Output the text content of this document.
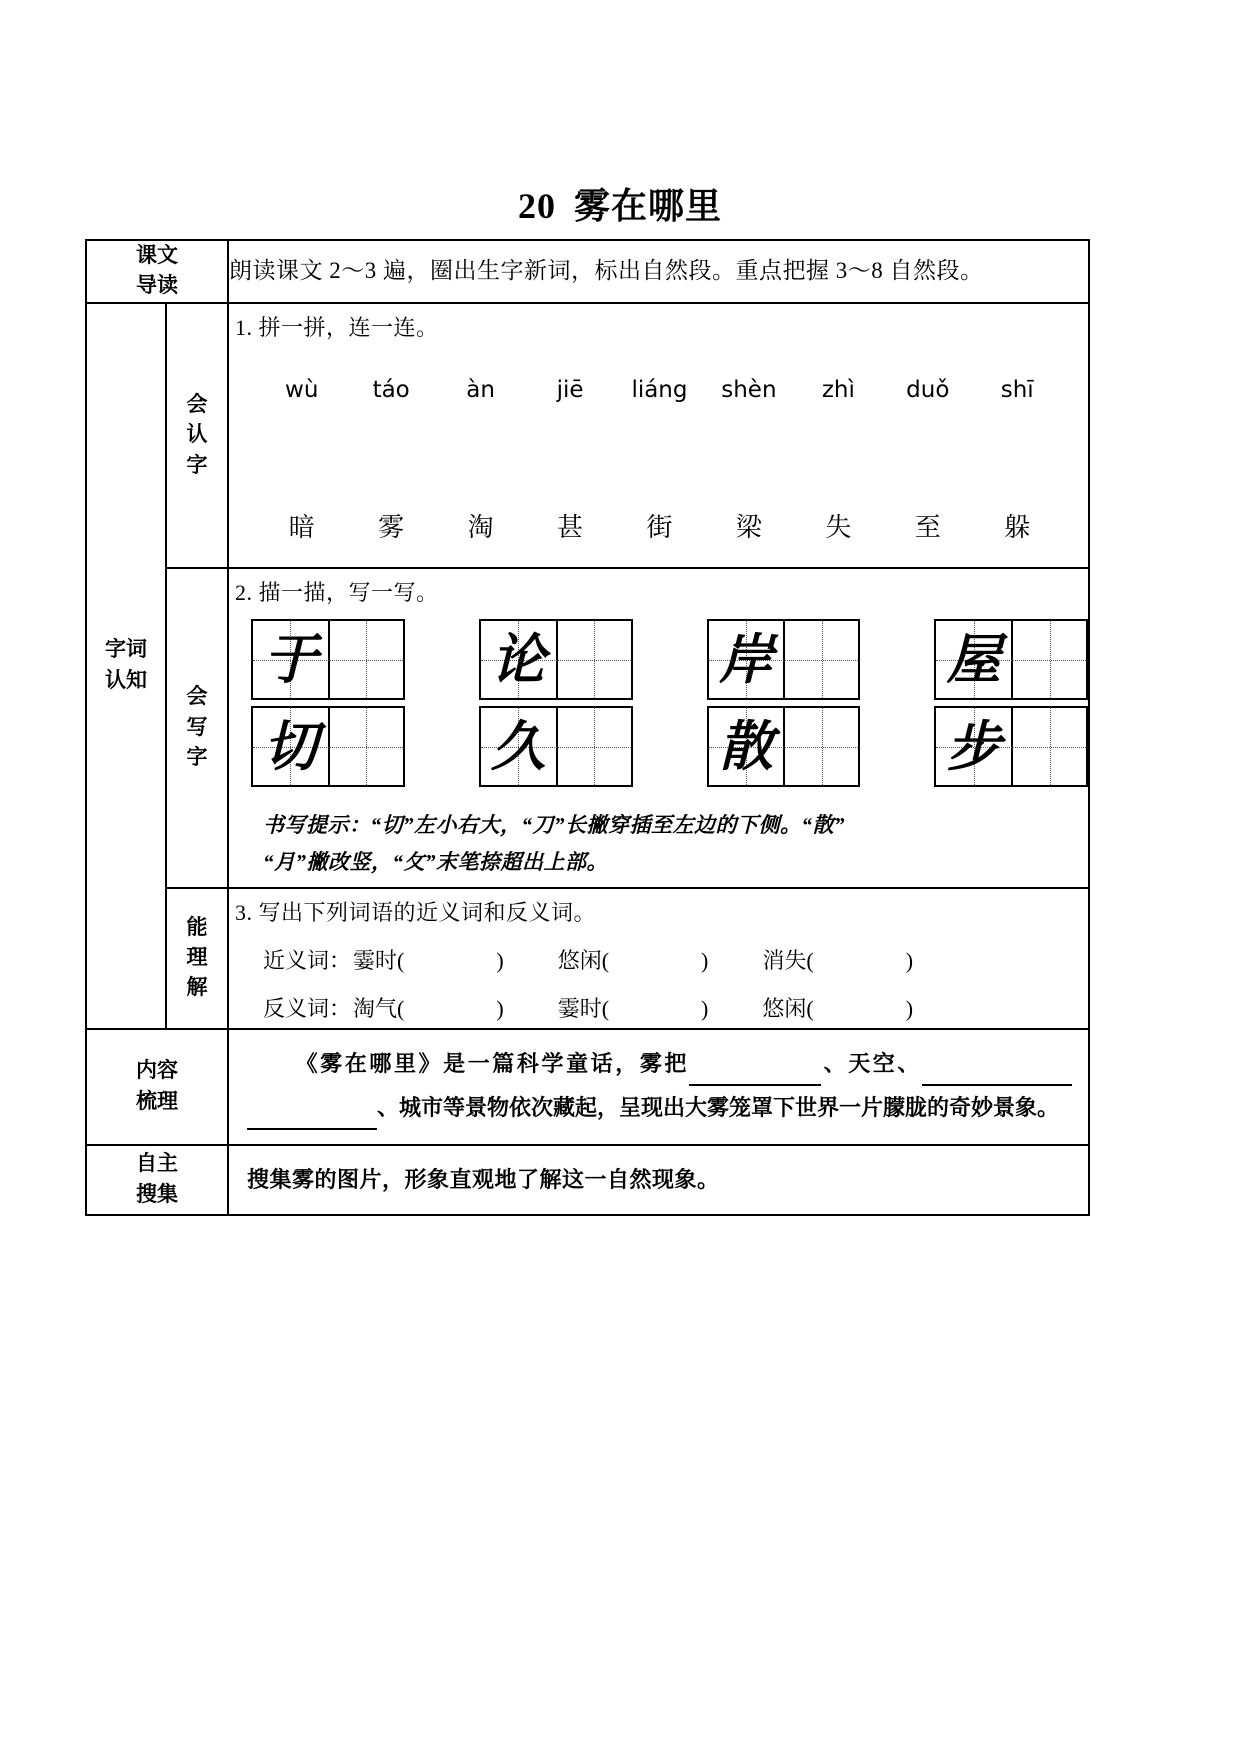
20 雾在哪里
课文
导读		朗读课文 2～3 遍，圈出生字新词，标出自然段。重点把握 3～8 自然段。

字词
认知

会
认
字

1. 拼一拼，连一连。
wù	táo	àn	jiē	liáng	shèn	zhì	duǒ	shī
暗	雾	淘	甚	街	梁	失	至	躲

会
写
字

2. 描一描，写一写。
于	论	岸	屋
切	久	散	步
书写提示：“切”左小右大，“刀”长撇穿插至左边的下侧。“散”
“月”撇改竖，“攵”末笔捺超出上部。

能
理
解

3. 写出下列词语的近义词和反义词。
近义词：霎时(	) 悠闲(	) 消失(	)
反义词：淘气(	) 霎时(	) 悠闲(	)

内容
梳理		《雾在哪里》是一篇科学童话，雾把 、天空、、城市等景物依次藏起，呈现出大雾笼罩下世界一片朦胧的奇妙景象。

自主
搜集		搜集雾的图片，形象直观地了解这一自然现象。
